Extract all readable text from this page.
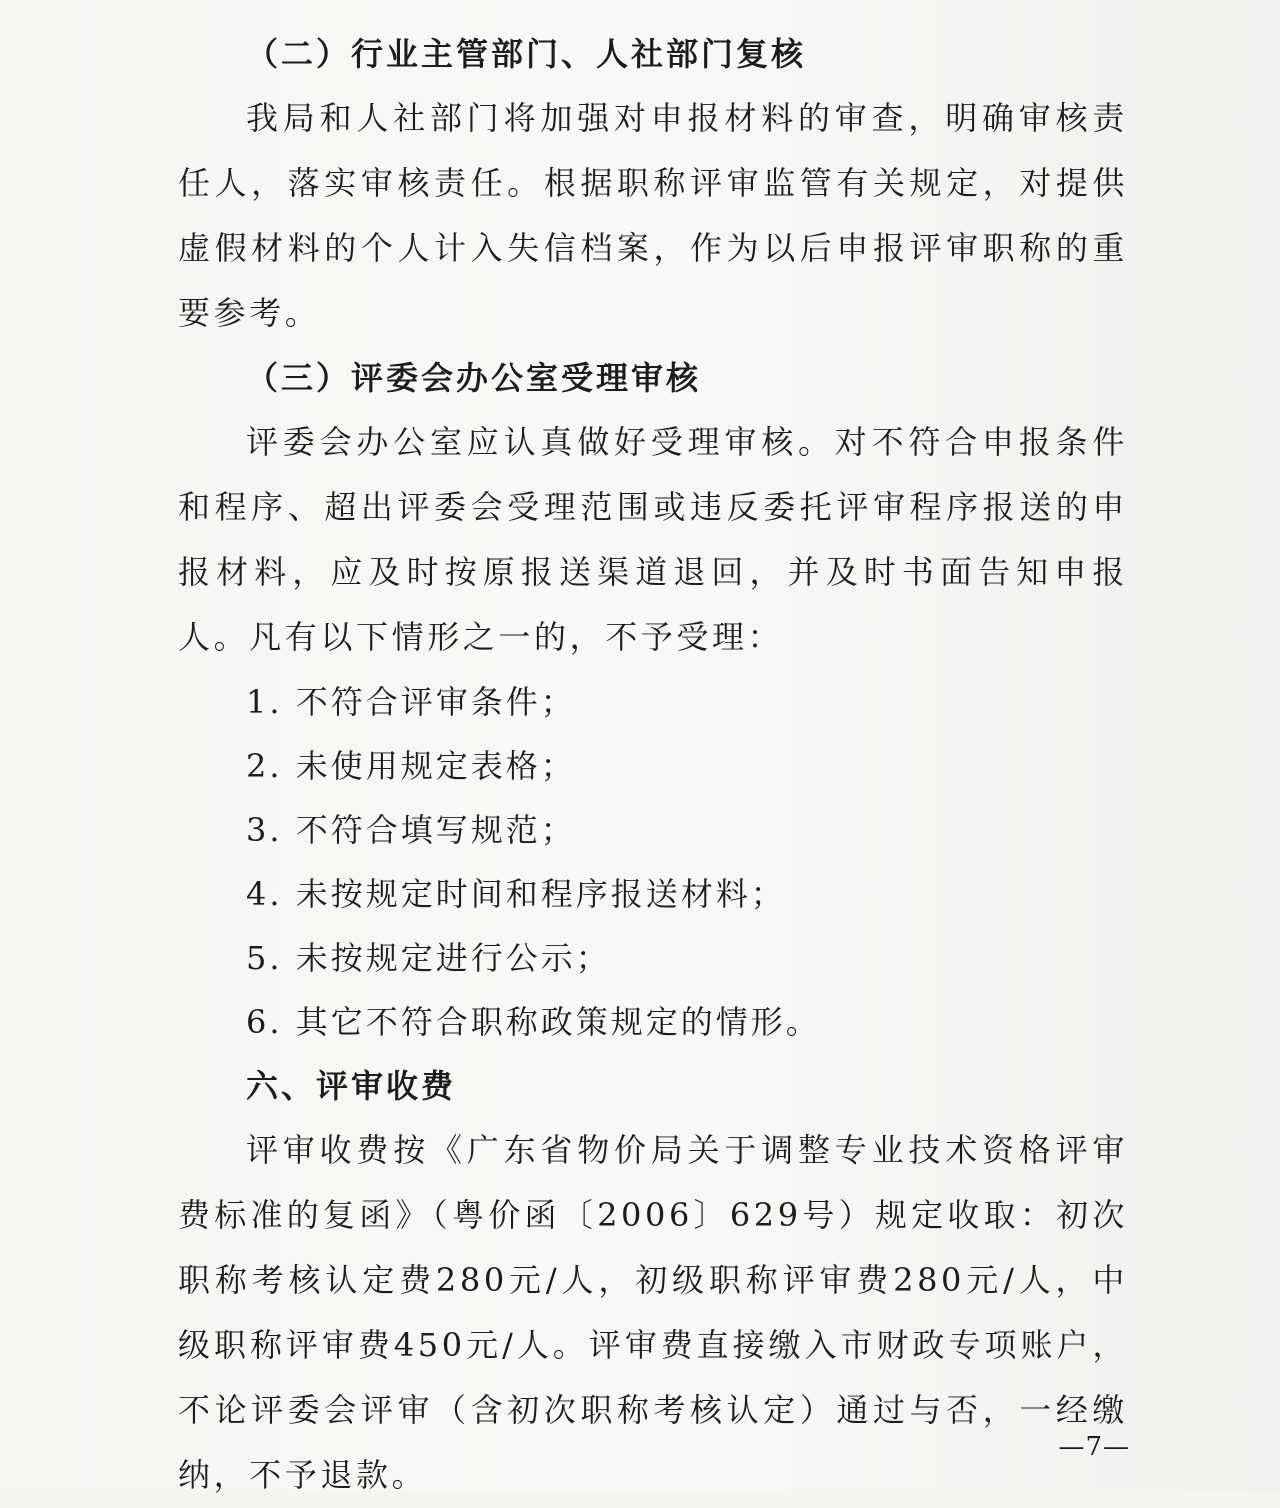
（二）行业主管部门、人社部门复核

我局和人社部门将加强对申报材料的审查，明确审核责任人，落实审核责任。根据职称评审监管有关规定，对提供虚假材料的个人计入失信档案，作为以后申报评审职称的重要参考。

（三）评委会办公室受理审核

评委会办公室应认真做好受理审核。对不符合申报条件和程序、超出评委会受理范围或违反委托评审程序报送的申报材料，应及时按原报送渠道退回，并及时书面告知申报人。凡有以下情形之一的，不予受理：

1. 不符合评审条件；

2. 未使用规定表格；

3. 不符合填写规范；

4. 未按规定时间和程序报送材料；

5. 未按规定进行公示；

6. 其它不符合职称政策规定的情形。

六、评审收费

评审收费按《广东省物价局关于调整专业技术资格评审费标准的复函》（粤价函〔2006〕629号）规定收取：初次职称考核认定费280元/人，初级职称评审费280元/人，中级职称评审费450元/人。评审费直接缴入市财政专项账户，不论评委会评审（含初次职称考核认定）通过与否，一经缴纳，不予退款。

—7—
